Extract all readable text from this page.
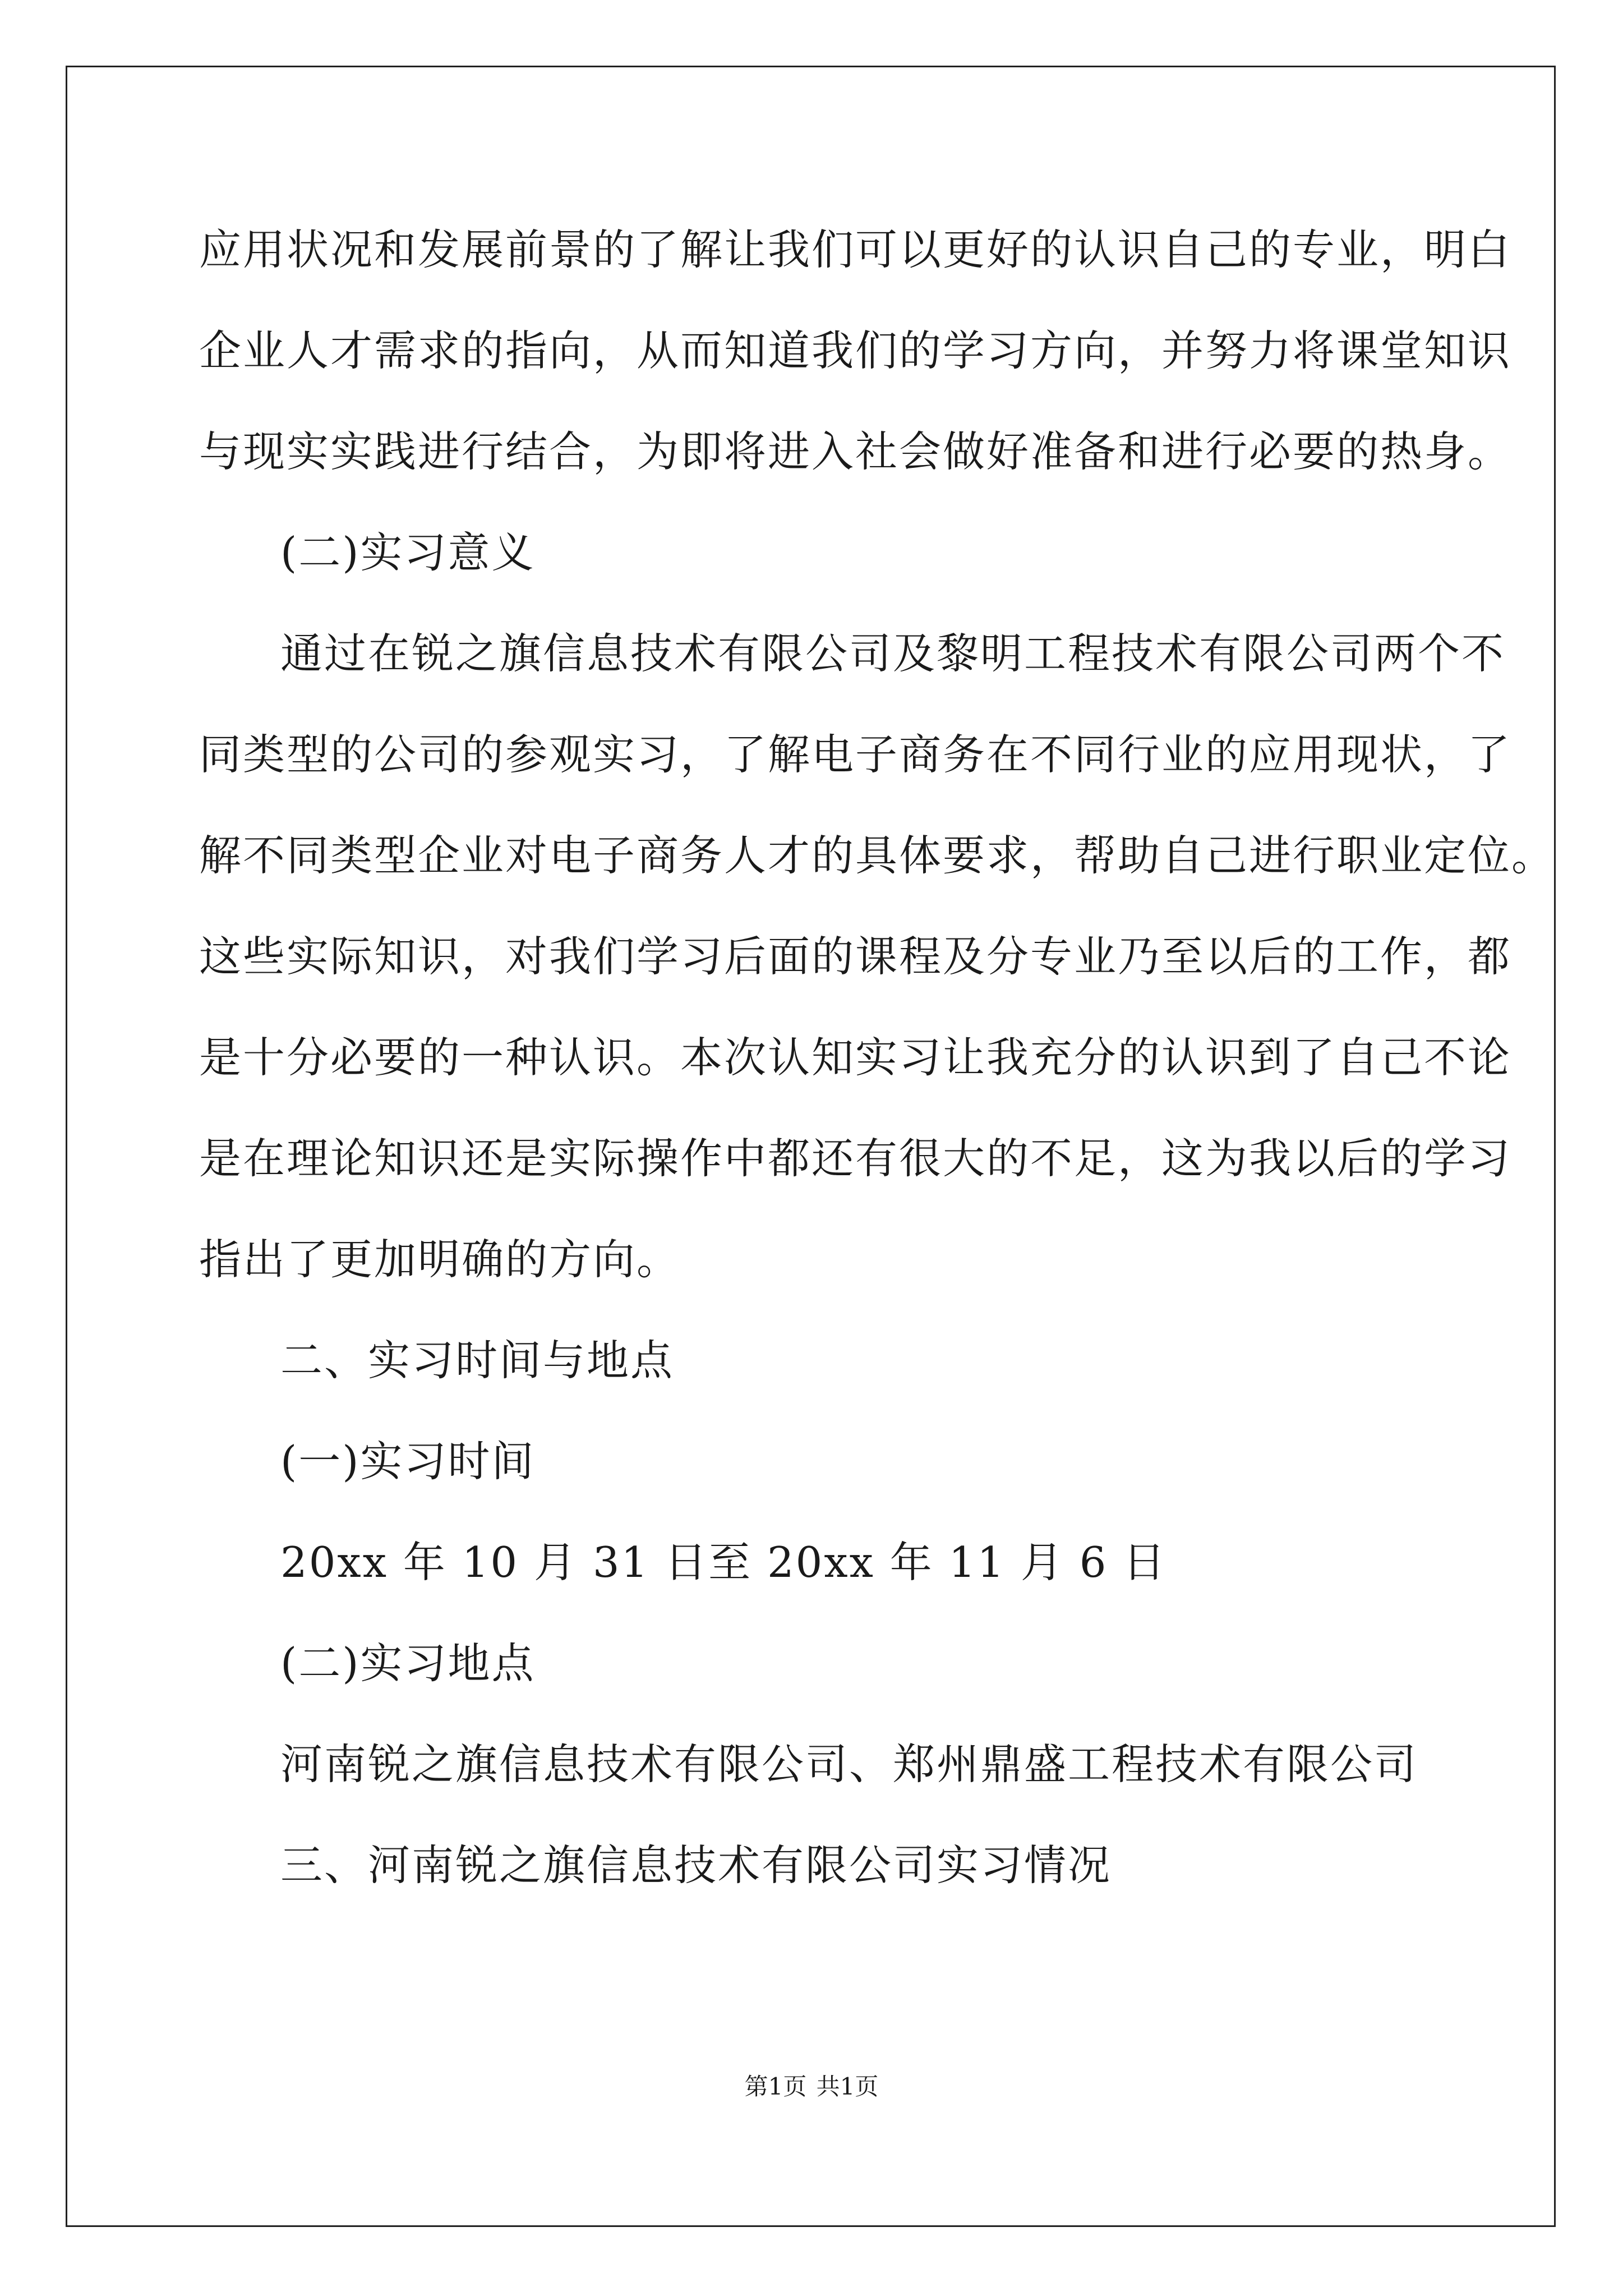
应用状况和发展前景的了解让我们可以更好的认识自己的专业，明白
企业人才需求的指向，从而知道我们的学习方向，并努力将课堂知识
与现实实践进行结合，为即将进入社会做好准备和进行必要的热身。
(二)实习意义
通过在锐之旗信息技术有限公司及黎明工程技术有限公司两个不
同类型的公司的参观实习，了解电子商务在不同行业的应用现状，了
解不同类型企业对电子商务人才的具体要求，帮助自己进行职业定位。
这些实际知识，对我们学习后面的课程及分专业乃至以后的工作，都
是十分必要的一种认识。本次认知实习让我充分的认识到了自己不论
是在理论知识还是实际操作中都还有很大的不足，这为我以后的学习
指出了更加明确的方向。
二、实习时间与地点
(一)实习时间
20xx 年 10 月 31 日至 20xx 年 11 月 6 日
(二)实习地点
河南锐之旗信息技术有限公司、郑州鼎盛工程技术有限公司
三、河南锐之旗信息技术有限公司实习情况
第1页 共1页
